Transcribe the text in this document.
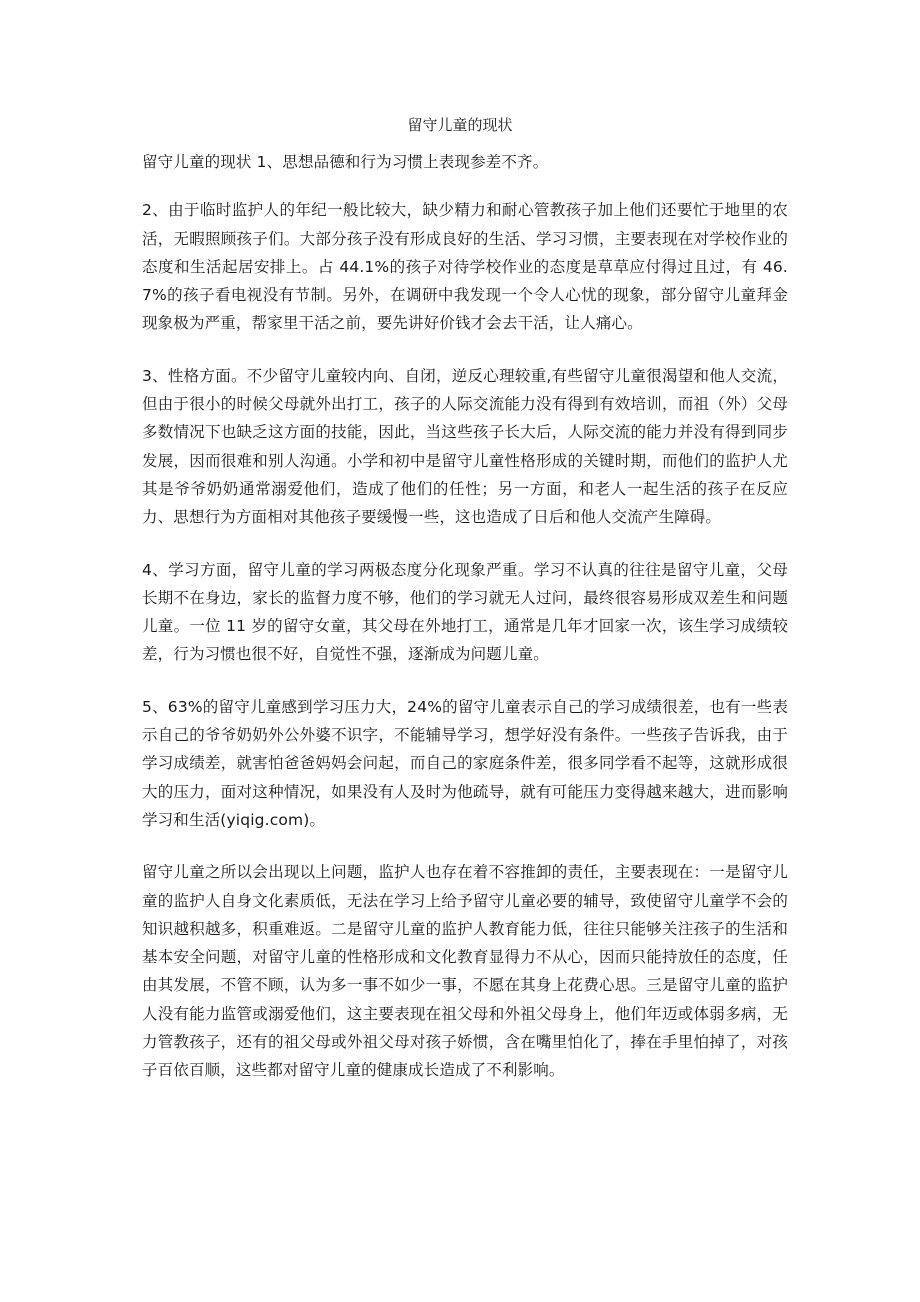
留守儿童的现状

留守儿童的现状 1、思想品德和行为习惯上表现参差不齐。

2、由于临时监护人的年纪一般比较大，缺少精力和耐心管教孩子加上他们还要忙于地里的农活，无暇照顾孩子们。大部分孩子没有形成良好的生活、学习习惯，主要表现在对学校作业的态度和生活起居安排上。占 44.1%的孩子对待学校作业的态度是草草应付得过且过，有 46.7%的孩子看电视没有节制。另外，在调研中我发现一个令人心忧的现象，部分留守儿童拜金现象极为严重，帮家里干活之前，要先讲好价钱才会去干活，让人痛心。

3、性格方面。不少留守儿童较内向、自闭，逆反心理较重,有些留守儿童很渴望和他人交流，但由于很小的时候父母就外出打工，孩子的人际交流能力没有得到有效培训，而祖（外）父母多数情况下也缺乏这方面的技能，因此，当这些孩子长大后，人际交流的能力并没有得到同步发展，因而很难和别人沟通。小学和初中是留守儿童性格形成的关键时期，而他们的监护人尤其是爷爷奶奶通常溺爱他们，造成了他们的任性；另一方面，和老人一起生活的孩子在反应力、思想行为方面相对其他孩子要缓慢一些，这也造成了日后和他人交流产生障碍。

4、学习方面，留守儿童的学习两极态度分化现象严重。学习不认真的往往是留守儿童，父母长期不在身边，家长的监督力度不够，他们的学习就无人过问，最终很容易形成双差生和问题儿童。一位 11 岁的留守女童，其父母在外地打工，通常是几年才回家一次，该生学习成绩较差，行为习惯也很不好，自觉性不强，逐渐成为问题儿童。

5、63%的留守儿童感到学习压力大，24%的留守儿童表示自己的学习成绩很差，也有一些表示自己的爷爷奶奶外公外婆不识字，不能辅导学习，想学好没有条件。一些孩子告诉我，由于学习成绩差，就害怕爸爸妈妈会问起，而自己的家庭条件差，很多同学看不起等，这就形成很大的压力，面对这种情况，如果没有人及时为他疏导，就有可能压力变得越来越大，进而影响学习和生活(yiqig.com)。

留守儿童之所以会出现以上问题，监护人也存在着不容推卸的责任，主要表现在：一是留守儿童的监护人自身文化素质低，无法在学习上给予留守儿童必要的辅导，致使留守儿童学不会的知识越积越多，积重难返。二是留守儿童的监护人教育能力低，往往只能够关注孩子的生活和基本安全问题，对留守儿童的性格形成和文化教育显得力不从心，因而只能持放任的态度，任由其发展，不管不顾，认为多一事不如少一事，不愿在其身上花费心思。三是留守儿童的监护人没有能力监管或溺爱他们，这主要表现在祖父母和外祖父母身上，他们年迈或体弱多病，无力管教孩子，还有的祖父母或外祖父母对孩子娇惯，含在嘴里怕化了，捧在手里怕掉了，对孩子百依百顺，这些都对留守儿童的健康成长造成了不利影响。
